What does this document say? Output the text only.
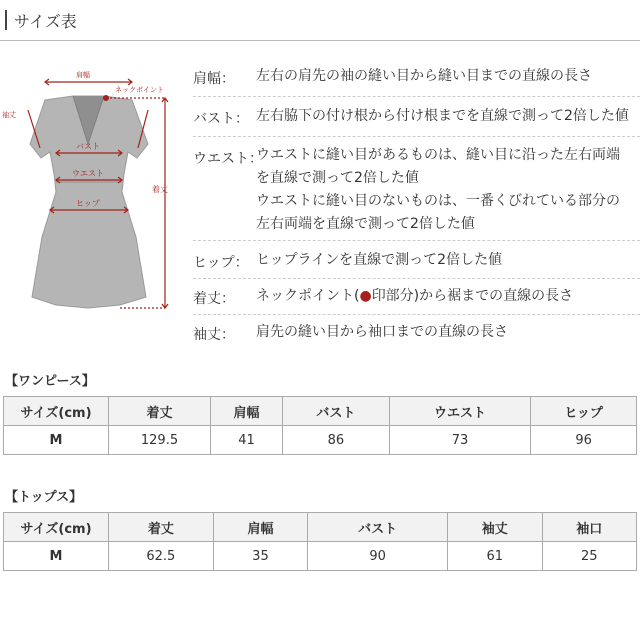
サイズ表
肩幅
ネックポイント
袖丈
バスト
ウエスト
ヒップ
着丈
肩幅：	左右の肩先の袖の縫い目から縫い目までの直線の長さ
バスト： 左右脇下の付け根から付け根までを直線で測って2倍した値
ウエスト：
ウエストに縫い目があるものは、縫い目に沿った左右両端
を直線で測って2倍した値
ウエストに縫い目のないものは、一番くびれている部分の
左右両端を直線で測って2倍した値
ヒップ： ヒップラインを直線で測って2倍した値
着丈：	ネックポイント(●印部分)から裾までの直線の長さ
袖丈：	肩先の縫い目から袖口までの直線の長さ
【ワンピース】
サイズ(cm)	着丈	肩幅	バスト	ウエスト	ヒップ
M	129.5	41	86	73	96
【トップス】
サイズ(cm)	着丈	肩幅	バスト	袖丈	袖口
M	62.5	35	90	61	25
